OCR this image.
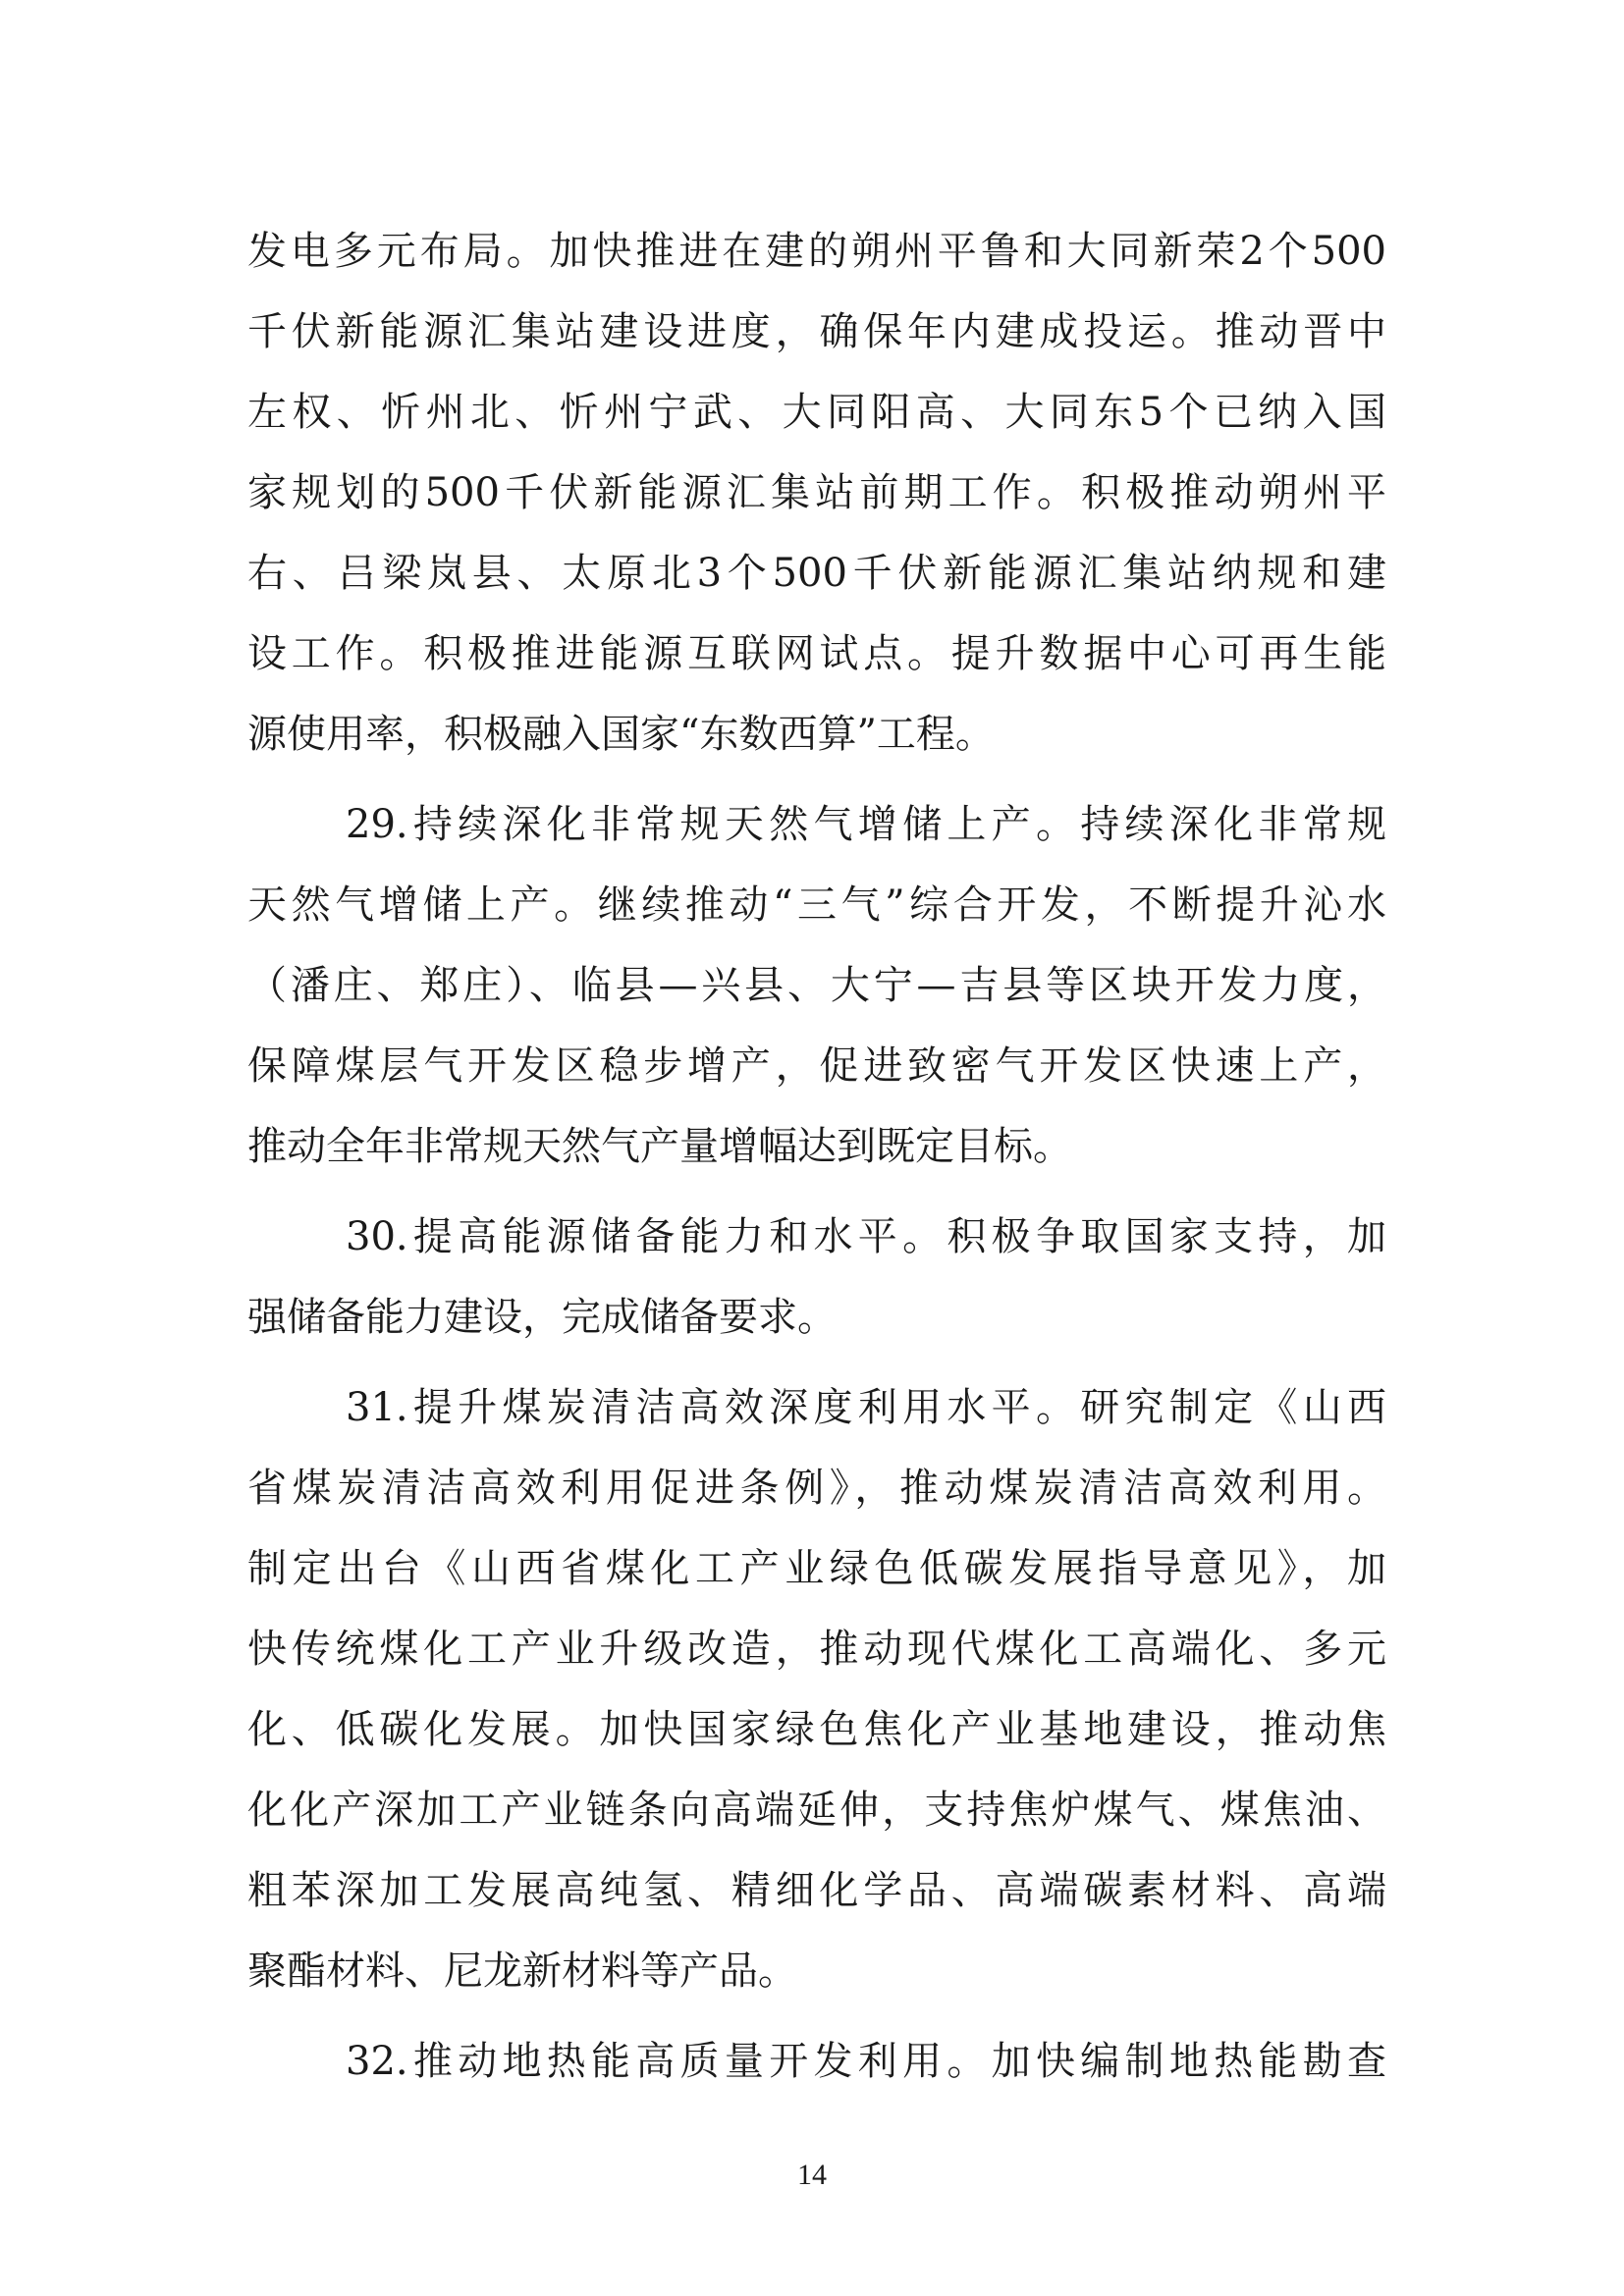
发电多元布局。加快推进在建的朔州平鲁和大同新荣2个500
千伏新能源汇集站建设进度，确保年内建成投运。推动晋中
左权、忻州北、忻州宁武、大同阳高、大同东5个已纳入国
家规划的500千伏新能源汇集站前期工作。积极推动朔州平
右、吕梁岚县、太原北3个500千伏新能源汇集站纳规和建
设工作。积极推进能源互联网试点。提升数据中心可再生能
源使用率，积极融入国家“东数西算”工程。
29.持续深化非常规天然气增储上产。持续深化非常规
天然气增储上产。继续推动“三气”综合开发，不断提升沁水
（潘庄、郑庄）、临县—兴县、大宁—吉县等区块开发力度，
保障煤层气开发区稳步增产，促进致密气开发区快速上产，
推动全年非常规天然气产量增幅达到既定目标。
30.提高能源储备能力和水平。积极争取国家支持，加
强储备能力建设，完成储备要求。
31.提升煤炭清洁高效深度利用水平。研究制定《山西
省煤炭清洁高效利用促进条例》，推动煤炭清洁高效利用。
制定出台《山西省煤化工产业绿色低碳发展指导意见》，加
快传统煤化工产业升级改造，推动现代煤化工高端化、多元
化、低碳化发展。加快国家绿色焦化产业基地建设，推动焦
化化产深加工产业链条向高端延伸，支持焦炉煤气、煤焦油、
粗苯深加工发展高纯氢、精细化学品、高端碳素材料、高端
聚酯材料、尼龙新材料等产品。
32.推动地热能高质量开发利用。加快编制地热能勘查
14
